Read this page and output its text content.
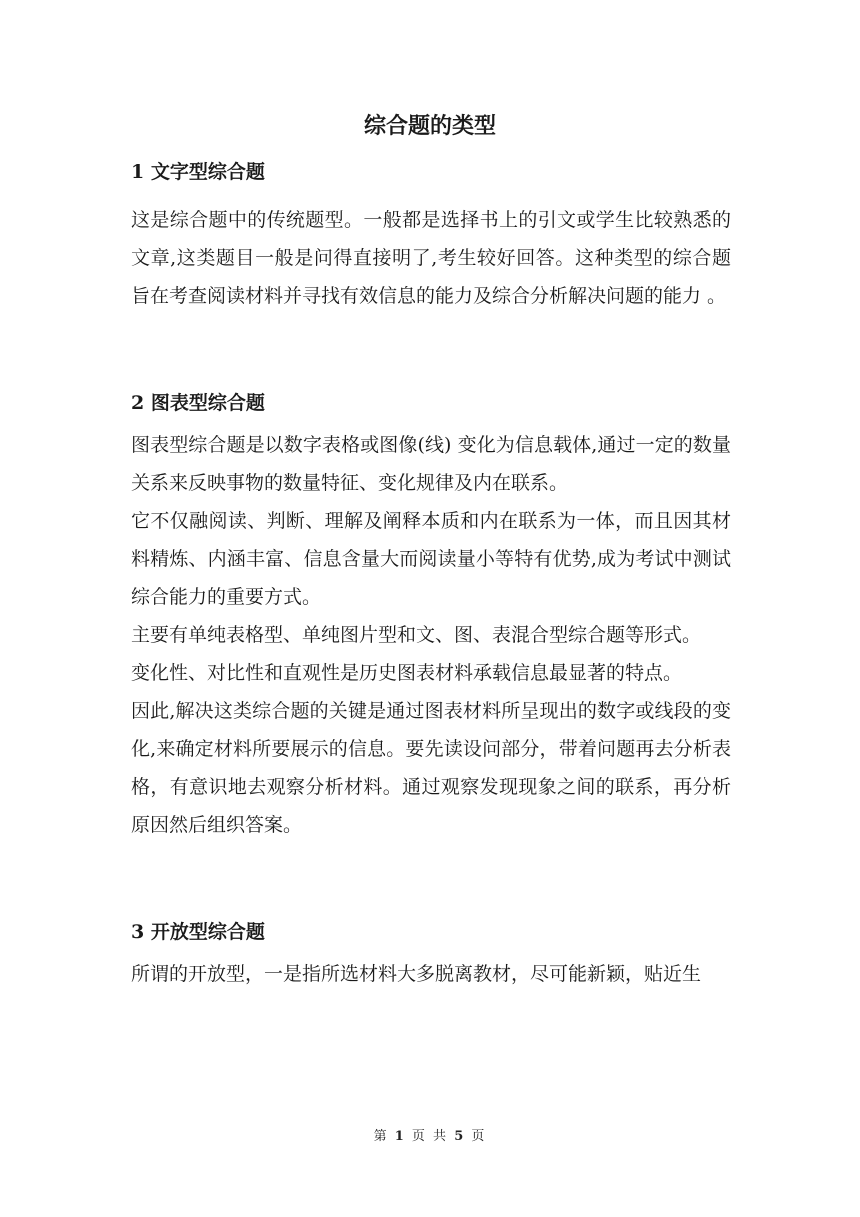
综合题的类型
1 文字型综合题

这是综合题中的传统题型。一般都是选择书上的引文或学生比较熟悉的文章,这类题目一般是问得直接明了,考生较好回答。这种类型的综合题旨在考查阅读材料并寻找有效信息的能力及综合分析解决问题的能力 。

2 图表型综合题

图表型综合题是以数字表格或图像(线) 变化为信息载体,通过一定的数量关系来反映事物的数量特征、变化规律及内在联系。

它不仅融阅读、判断、理解及阐释本质和内在联系为一体，而且因其材料精炼、内涵丰富、信息含量大而阅读量小等特有优势,成为考试中测试综合能力的重要方式。

主要有单纯表格型、单纯图片型和文、图、表混合型综合题等形式。

变化性、对比性和直观性是历史图表材料承载信息最显著的特点。

因此,解决这类综合题的关键是通过图表材料所呈现出的数字或线段的变化,来确定材料所要展示的信息。要先读设问部分，带着问题再去分析表格，有意识地去观察分析材料。通过观察发现现象之间的联系，再分析原因然后组织答案。

3 开放型综合题

所谓的开放型，一是指所选材料大多脱离教材，尽可能新颖，贴近生

第 1 页 共 5 页
